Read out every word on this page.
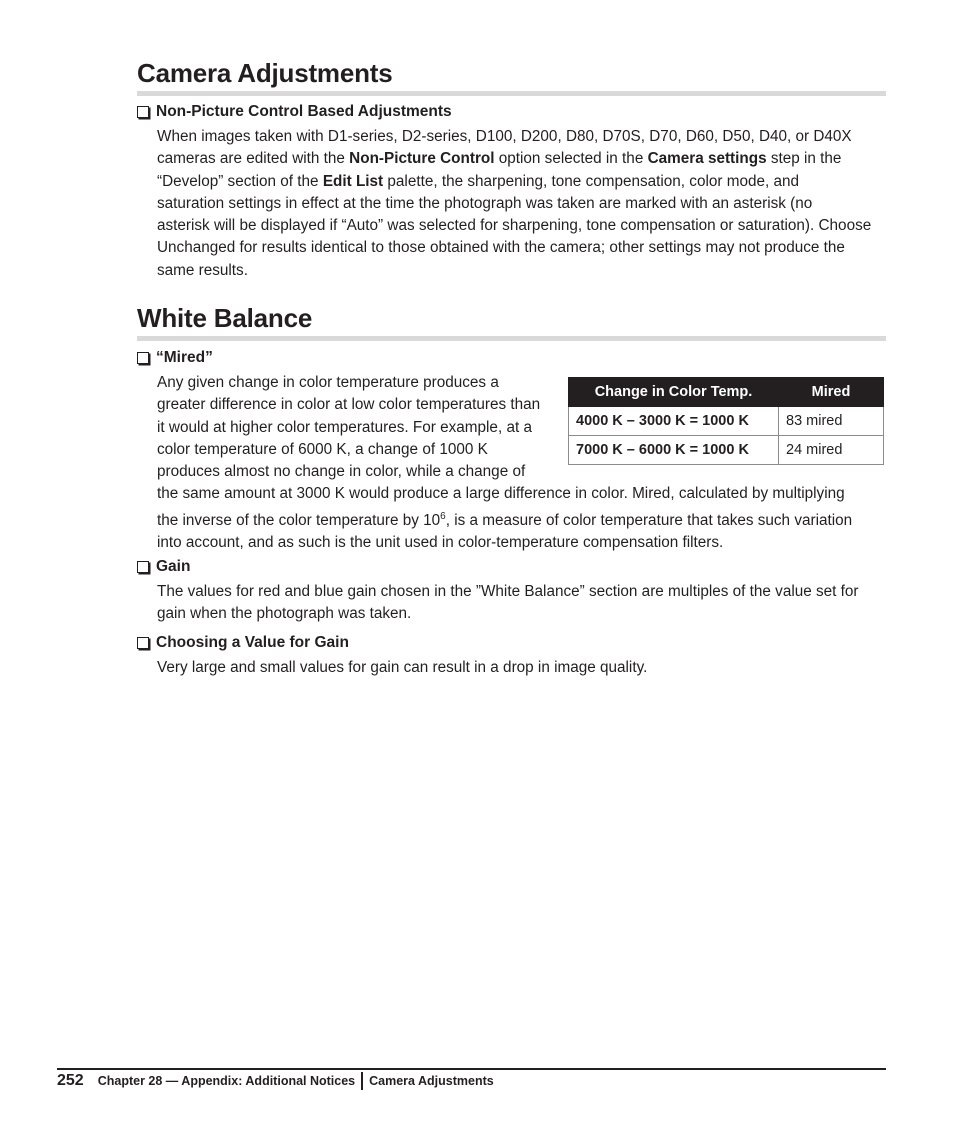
Camera Adjustments
Non-Picture Control Based Adjustments
When images taken with D1-series, D2-series, D100, D200, D80, D70S, D70, D60, D50, D40, or D40X
cameras are edited with the Non-Picture Control option selected in the Camera settings step in the
“Develop” section of the Edit List palette, the sharpening, tone compensation, color mode, and
saturation settings in effect at the time the photograph was taken are marked with an asterisk (no
asterisk will be displayed if “Auto” was selected for sharpening, tone compensation or saturation). Choose
Unchanged for results identical to those obtained with the camera; other settings may not produce the
same results.
White Balance
“Mired”
Any given change in color temperature produces a
greater difference in color at low color temperatures than
it would at higher color temperatures. For example, at a
color temperature of 6000 K, a change of 1000 K
produces almost no change in color, while a change of
the same amount at 3000 K would produce a large difference in color. Mired, calculated by multiplying
the inverse of the color temperature by $10^6$, is a measure of color temperature that takes such variation
into account, and as such is the unit used in color-temperature compensation filters.
Change in Color Temp.	Mired
4000 K – 3000 K = 1000 K	83 mired
7000 K – 6000 K = 1000 K	24 mired
Gain
The values for red and blue gain chosen in the ”White Balance” section are multiples of the value set for
gain when the photograph was taken.
Choosing a Value for Gain
Very large and small values for gain can result in a drop in image quality.
252 Chapter 28 — Appendix: Additional Notices Camera Adjustments
